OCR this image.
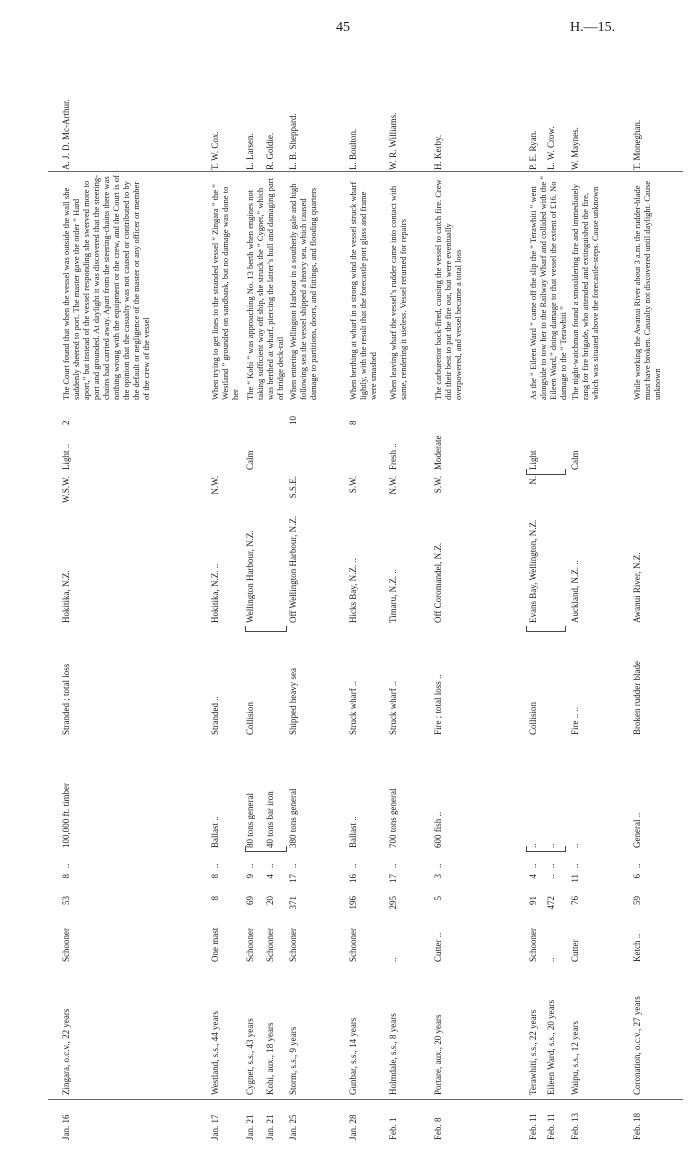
45	H.—15.
Jan. 16
Zingara, o.c.v., 22 years
Schooner
53
8
..
100,000 ft. timber
Stranded ; total loss
Hokitika, N.Z.
W.S.W.
Light ..
2
The Court found that when the vessel was outside the wall she suddenly sheered to port. The master gave the order “ Hard aport,” but instead of the vessel responding she swerved more to port and grounded. At daylight it was discovered that the steering-chains had carried away. Apart from the steering-chains there was nothing wrong with the equipment or the crew, and the Court is of the opinion that the casualty was not caused or contributed to by the default or negligence of the master or any officer or member of the crew of the vessel
A. J. D. Mc-Arthur.
Jan. 17
Westland, s.s., 44 years
One mast
8
8
..
Ballast ..
Stranded ..
Hokitika, N.Z. ..
N.W.
When trying to get lines to the stranded vessel “ Zingara ” the “ Westland ” grounded on sandbank, but no damage was done to her
T. W. Cox.
Jan. 21
Cygnet, s.s., 43 years
Schooner
69
9
..
80 tons general
Collision
Wellington Harbour, N.Z.
Calm
The “ Kohi ” was approaching No. 13 berth when engines not taking sufficient way off ship, she struck the “ Cygnet,” which was berthed at wharf, piercing the latter’s hull and damaging part of bridge deck-rail
L. Larsen.
Jan. 21
Kohi, aux., 18 years
Schooner
20
4
..
40 tons bar iron
R. Goldie.
Jan. 25
Storm, s.s., 9 years
Schooner
371
17
..
380 tons general
Shipped heavy sea
Off Wellington Harbour, N.Z.
S.S.E.
10
When entering Wellington Harbour in a southerly gale and high following sea the vessel shipped a heavy sea, which caused damage to partitions, doors, and fittings, and flooding quarters
L. B. Sheppard.
Jan. 28
Gunbar, s.s., 14 years
Schooner
196
16
..
Ballast ..
Struck wharf ..
Hicks Bay, N.Z. ..
S.W.
8
When berthing at wharf in a strong wind the vessel struck wharf lightly, with the result that the forecastle port glass and frame were smashed
L. Boulton.
Feb. 1
Holmdale, s.s., 8 years
..
295
17
..
700 tons general
Struck wharf ..
Timaru, N.Z. ..
N.W.
Fresh ..
When leaving wharf the vessel’s rudder came into contact with same, rendering it useless. Vessel returned for repairs
W. R. Williams.
Feb. 8
Portare, aux., 20 years
Cutter ..
5
3
..
600 fish ..
Fire ; total loss ..
Off Coromandel, N.Z.
S.W.
Moderate
The carburettor back-fired, causing the vessel to catch fire. Crew did their best to put the fire out, but were eventually overpowered, and vessel became a total loss
H. Kerby.
Feb. 11
Terawhiti, s.s., 22 years
Schooner
91
4
..
..
Collision
Evans Bay, Wellington, N.Z.
N.
Light
As the “ Eileen Ward ” came off the slip the “ Terawhiti ” went alongside to tow her to the Railway Wharf and collided with the “ Eileen Ward,” doing damage to that vessel the extent of £16. No damage to the “ Terawhiti ”
P. E. Ryan.
Feb. 11
Eileen Ward, s.s., 20 years
..
472
..
..
..
L. W. Crow.
Feb. 13
Waipu, s.s., 12 years
Cutter
76
11
..
..
Fire .. ..
Auckland, N.Z. ..
Calm
The night-watchman found a smouldering fire and immediately rang for fire brigade, who attended and extinguished the fire, which was situated above the forecastle-steps. Cause unknown
W. Maynes.
Feb. 18
Coronation, o.c.v., 27 years
Ketch ..
59
6
..
General ..
Broken rudder blade
Awanui River, N.Z.
While working the Awanui River about 3 a.m. the rudder-blade must have broken. Casualty not discovered until daylight. Cause unknown
T. Moneghan.
